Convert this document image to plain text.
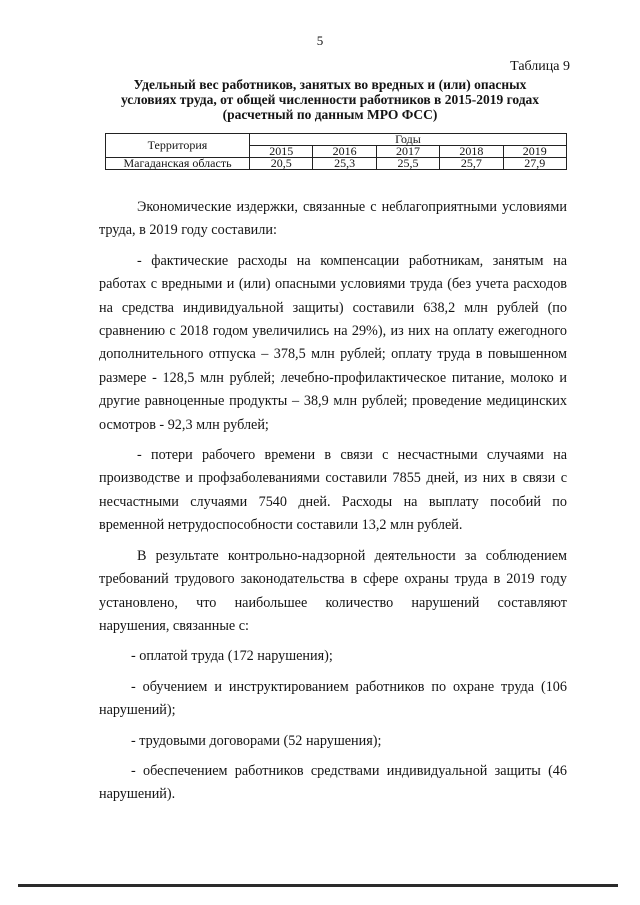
5
Таблица 9
Удельный вес работников, занятых во вредных и (или) опасных
условиях труда, от общей численности работников в 2015-2019 годах
(расчетный по данным МРО ФСС)
Территория	Годы				
	2015	2016	2017	2018	2019
Магаданская область	20,5	25,3	25,5	25,7	27,9

Экономические издержки, связанные с неблагоприятными условиями труда, в 2019 году составили:

- фактические расходы на компенсации работникам, занятым на работах с вредными и (или) опасными условиями труда (без учета расходов на средства индивидуальной защиты) составили 638,2 млн рублей (по сравнению с 2018 годом увеличились на 29%), из них на оплату ежегодного дополнительного отпуска – 378,5 млн рублей; оплату труда в повышенном размере - 128,5 млн рублей; лечебно-профилактическое питание, молоко и другие равноценные продукты – 38,9 млн рублей; проведение медицинских осмотров - 92,3 млн рублей;

- потери рабочего времени в связи с несчастными случаями на производстве и профзаболеваниями составили 7855 дней, из них в связи с несчастными случаями 7540 дней. Расходы на выплату пособий по временной нетрудоспособности составили 13,2 млн рублей.

В результате контрольно-надзорной деятельности за соблюдением требований трудового законодательства в сфере охраны труда в 2019 году установлено, что наибольшее количество нарушений составляют нарушения, связанные с:

- оплатой труда (172 нарушения);

- обучением и инструктированием работников по охране труда (106 нарушений);

- трудовыми договорами (52 нарушения);

- обеспечением работников средствами индивидуальной защиты (46 нарушений).
